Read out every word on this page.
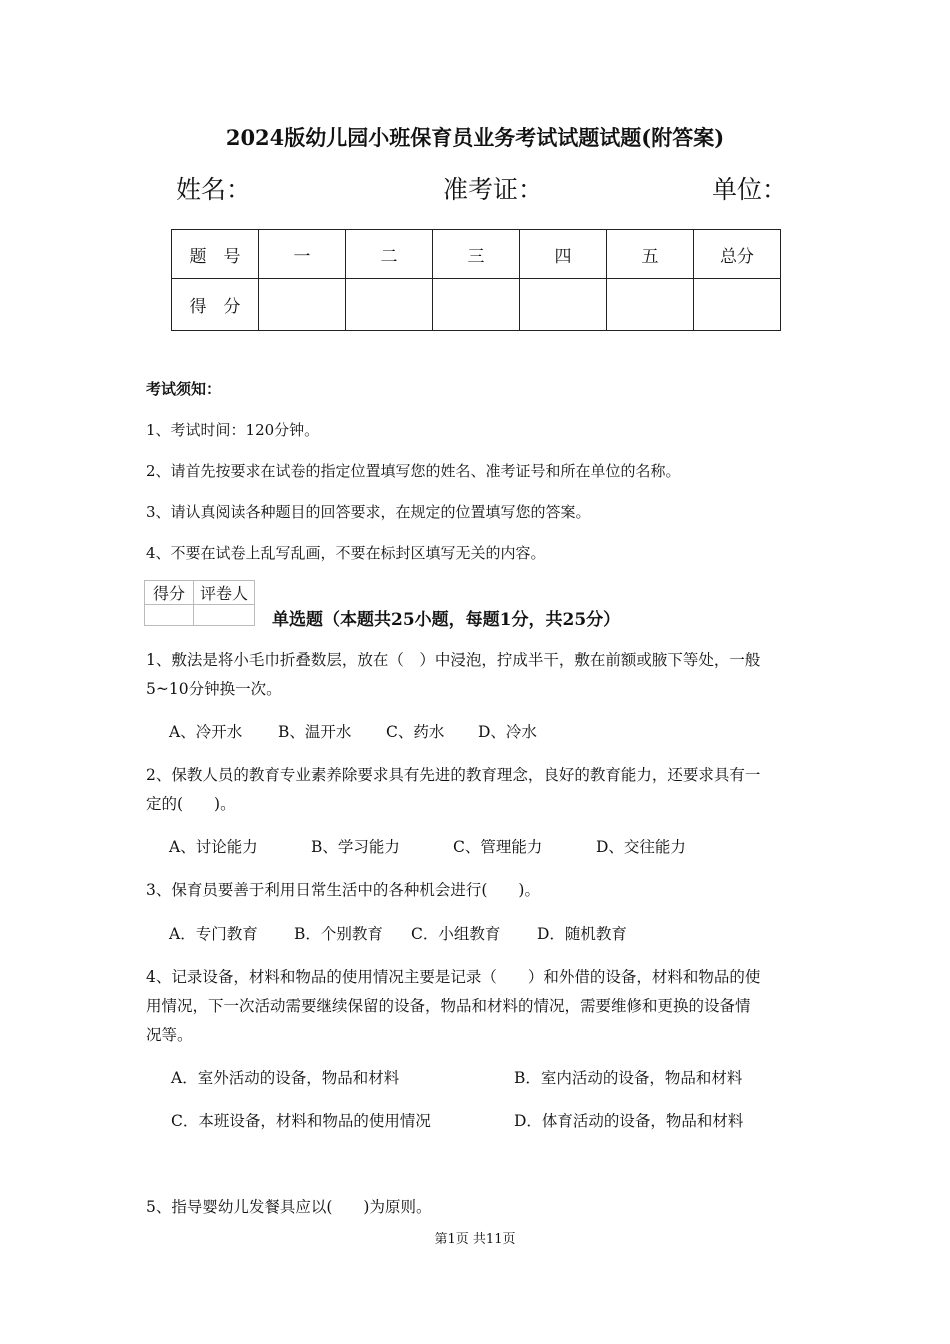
2024版幼儿园小班保育员业务考试试题试题(附答案)
姓名：	准考证：	单位：
题　号	一	二	三	四	五	总分
得　分						
考试须知：
1、考试时间：120分钟。
2、请首先按要求在试卷的指定位置填写您的姓名、准考证号和所在单位的名称。
3、请认真阅读各种题目的回答要求，在规定的位置填写您的答案。
4、不要在试卷上乱写乱画，不要在标封区填写无关的内容。
得分	评卷人

单选题（本题共25小题，每题1分，共25分）
1、敷法是将小毛巾折叠数层，放在（　）中浸泡，拧成半干，敷在前额或腋下等处，一般
5~10分钟换一次。
A、冷开水 B、温开水 C、药水 D、冷水
2、保教人员的教育专业素养除要求具有先进的教育理念，良好的教育能力，还要求具有一
定的(　　)。
A、讨论能力	B、学习能力	C、管理能力	D、交往能力
3、保育员要善于利用日常生活中的各种机会进行(　　)。
A．专门教育 B．个别教育 C．小组教育 D．随机教育
4、记录设备，材料和物品的使用情况主要是记录（　　）和外借的设备，材料和物品的使
用情况，下一次活动需要继续保留的设备，物品和材料的情况，需要维修和更换的设备情
况等。
A．室外活动的设备，物品和材料	B．室内活动的设备，物品和材料
C．本班设备，材料和物品的使用情况	D．体育活动的设备，物品和材料
5、指导婴幼儿发餐具应以(　　)为原则。
第1页 共11页
